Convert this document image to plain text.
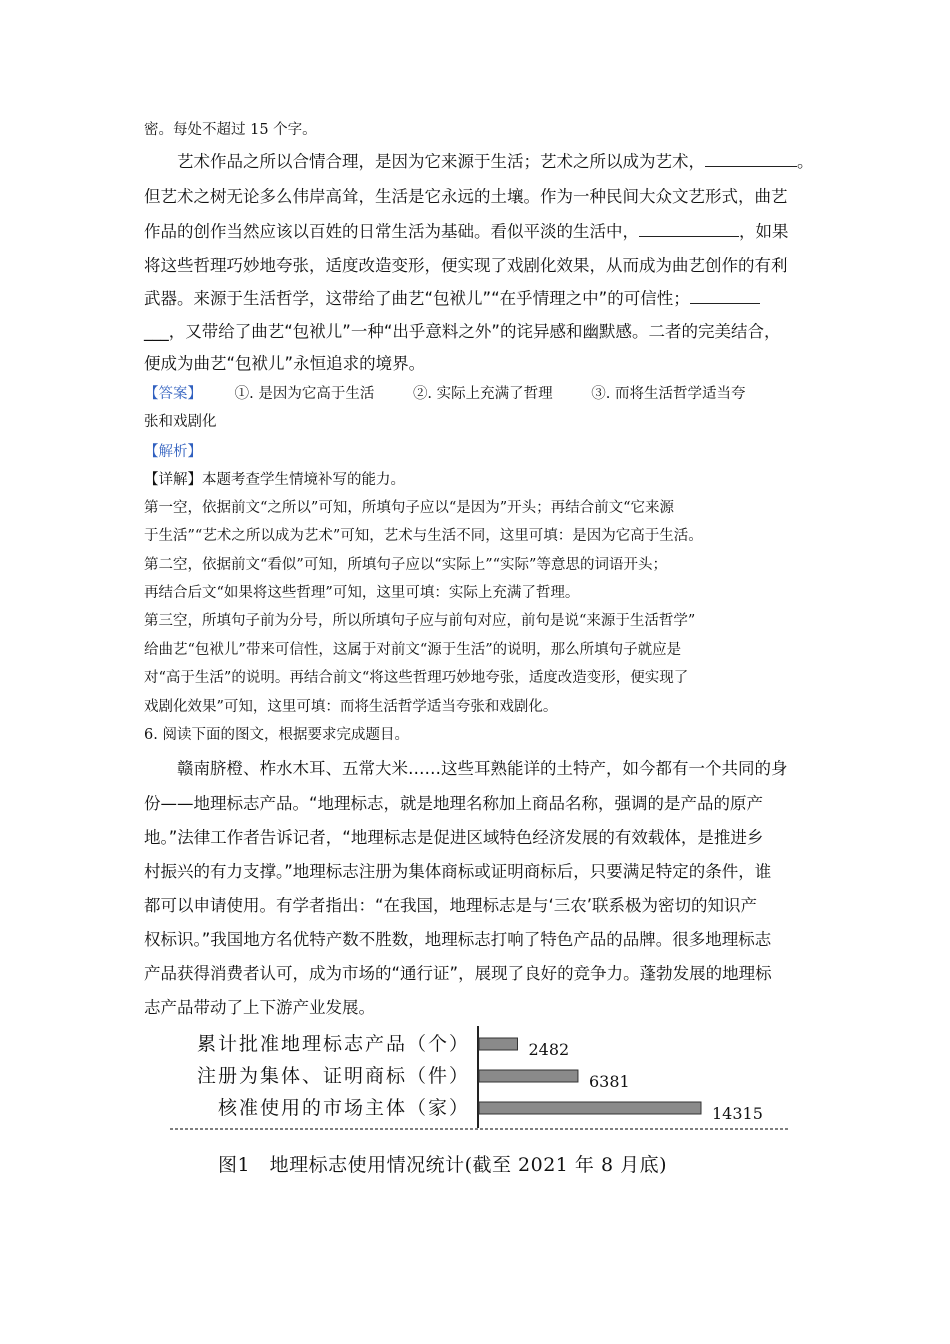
密。每处不超过 15 个字。
艺术作品之所以合情合理，是因为它来源于生活；艺术之所以成为艺术，	。
但艺术之树无论多么伟岸高耸，生活是它永远的土壤。作为一种民间大众文艺形式，曲艺
作品的创作当然应该以百姓的日常生活为基础。看似平淡的生活中，	，如果
将这些哲理巧妙地夸张，适度改造变形，便实现了戏剧化效果，从而成为曲艺创作的有利
武器。来源于生活哲学，这带给了曲艺“包袱儿”“在乎情理之中”的可信性；
___，又带给了曲艺“包袱儿”一种“出乎意料之外”的诧异感和幽默感。二者的完美结合，
便成为曲艺“包袱儿”永恒追求的境界。
【答案】 ①. 是因为它高于生活	②. 实际上充满了哲理	③. 而将生活哲学适当夸
张和戏剧化
【解析】
【详解】本题考查学生情境补写的能力。
第一空，依据前文“之所以”可知，所填句子应以“是因为”开头；再结合前文“它来源
于生活”“艺术之所以成为艺术”可知，艺术与生活不同，这里可填：是因为它高于生活。
第二空，依据前文“看似”可知，所填句子应以“实际上”“实际”等意思的词语开头；
再结合后文“如果将这些哲理”可知，这里可填：实际上充满了哲理。
第三空，所填句子前为分号，所以所填句子应与前句对应，前句是说“来源于生活哲学”
给曲艺“包袱儿”带来可信性，这属于对前文“源于生活”的说明，那么所填句子就应是
对“高于生活”的说明。再结合前文“将这些哲理巧妙地夸张，适度改造变形，便实现了
戏剧化效果”可知，这里可填：而将生活哲学适当夸张和戏剧化。
6. 阅读下面的图文，根据要求完成题目。
赣南脐橙、柞水木耳、五常大米……这些耳熟能详的土特产，如今都有一个共同的身
份——地理标志产品。“地理标志，就是地理名称加上商品名称，强调的是产品的原产
地。”法律工作者告诉记者，“地理标志是促进区域特色经济发展的有效载体，是推进乡
村振兴的有力支撑。”地理标志注册为集体商标或证明商标后，只要满足特定的条件，谁
都可以申请使用。有学者指出：“在我国，地理标志是与‘三农’联系极为密切的知识产
权标识。”我国地方名优特产数不胜数，地理标志打响了特色产品的品牌。很多地理标志
产品获得消费者认可，成为市场的“通行证”，展现了良好的竞争力。蓬勃发展的地理标
志产品带动了上下游产业发展。
累计批准地理标志产品（个）	2482
注册为集体、证明商标（件）	6381
核准使用的市场主体（家）	14315
图1　地理标志使用情况统计(截至 2021 年 8 月底)
